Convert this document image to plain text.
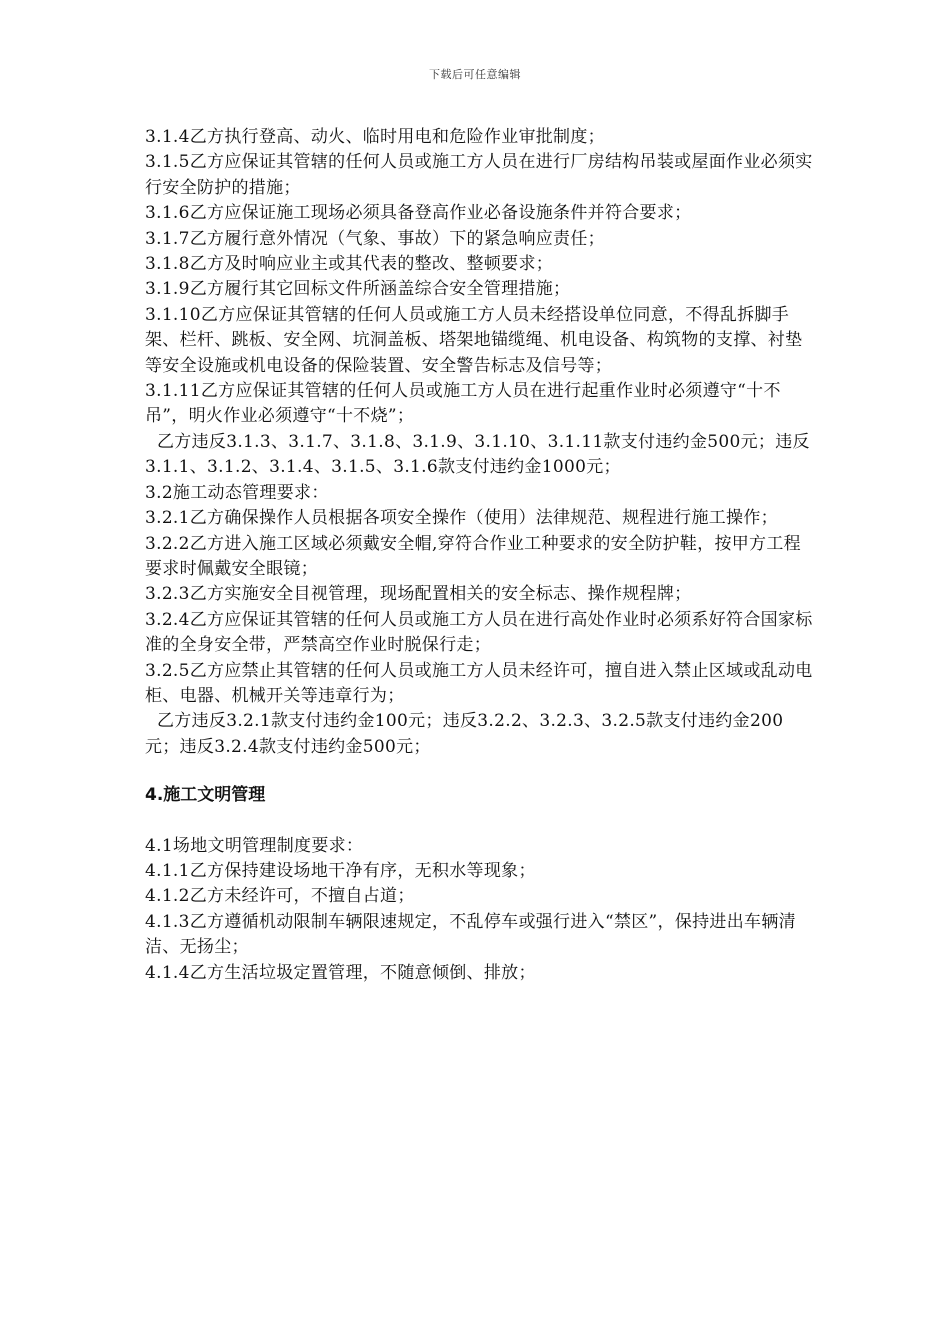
下载后可任意编辑

3.1.4乙方执行登高、动火、临时用电和危险作业审批制度；

3.1.5乙方应保证其管辖的任何人员或施工方人员在进行厂房结构吊装或屋面作业必须实行安全防护的措施；

3.1.6乙方应保证施工现场必须具备登高作业必备设施条件并符合要求；

3.1.7乙方履行意外情况（气象、事故）下的紧急响应责任；

3.1.8乙方及时响应业主或其代表的整改、整顿要求；

3.1.9乙方履行其它回标文件所涵盖综合安全管理措施；

3.1.10乙方应保证其管辖的任何人员或施工方人员未经搭设单位同意，不得乱拆脚手架、栏杆、跳板、安全网、坑洞盖板、塔架地锚缆绳、机电设备、构筑物的支撑、衬垫等安全设施或机电设备的保险装置、安全警告标志及信号等；

3.1.11乙方应保证其管辖的任何人员或施工方人员在进行起重作业时必须遵守“十不吊”，明火作业必须遵守“十不烧”；

乙方违反3.1.3、3.1.7、3.1.8、3.1.9、3.1.10、3.1.11款支付违约金500元；违反3.1.1、3.1.2、3.1.4、3.1.5、3.1.6款支付违约金1000元；

3.2施工动态管理要求：

3.2.1乙方确保操作人员根据各项安全操作（使用）法律规范、规程进行施工操作；

3.2.2乙方进入施工区域必须戴安全帽,穿符合作业工种要求的安全防护鞋，按甲方工程要求时佩戴安全眼镜；

3.2.3乙方实施安全目视管理，现场配置相关的安全标志、操作规程牌；

3.2.4乙方应保证其管辖的任何人员或施工方人员在进行高处作业时必须系好符合国家标准的全身安全带，严禁高空作业时脱保行走；

3.2.5乙方应禁止其管辖的任何人员或施工方人员未经许可，擅自进入禁止区域或乱动电柜、电器、机械开关等违章行为；

乙方违反3.2.1款支付违约金100元；违反3.2.2、3.2.3、3.2.5款支付违约金200元；违反3.2.4款支付违约金500元；

4.施工文明管理

4.1场地文明管理制度要求：

4.1.1乙方保持建设场地干净有序，无积水等现象；

4.1.2乙方未经许可，不擅自占道；

4.1.3乙方遵循机动限制车辆限速规定，不乱停车或强行进入“禁区”，保持进出车辆清洁、无扬尘；

4.1.4乙方生活垃圾定置管理，不随意倾倒、排放；
